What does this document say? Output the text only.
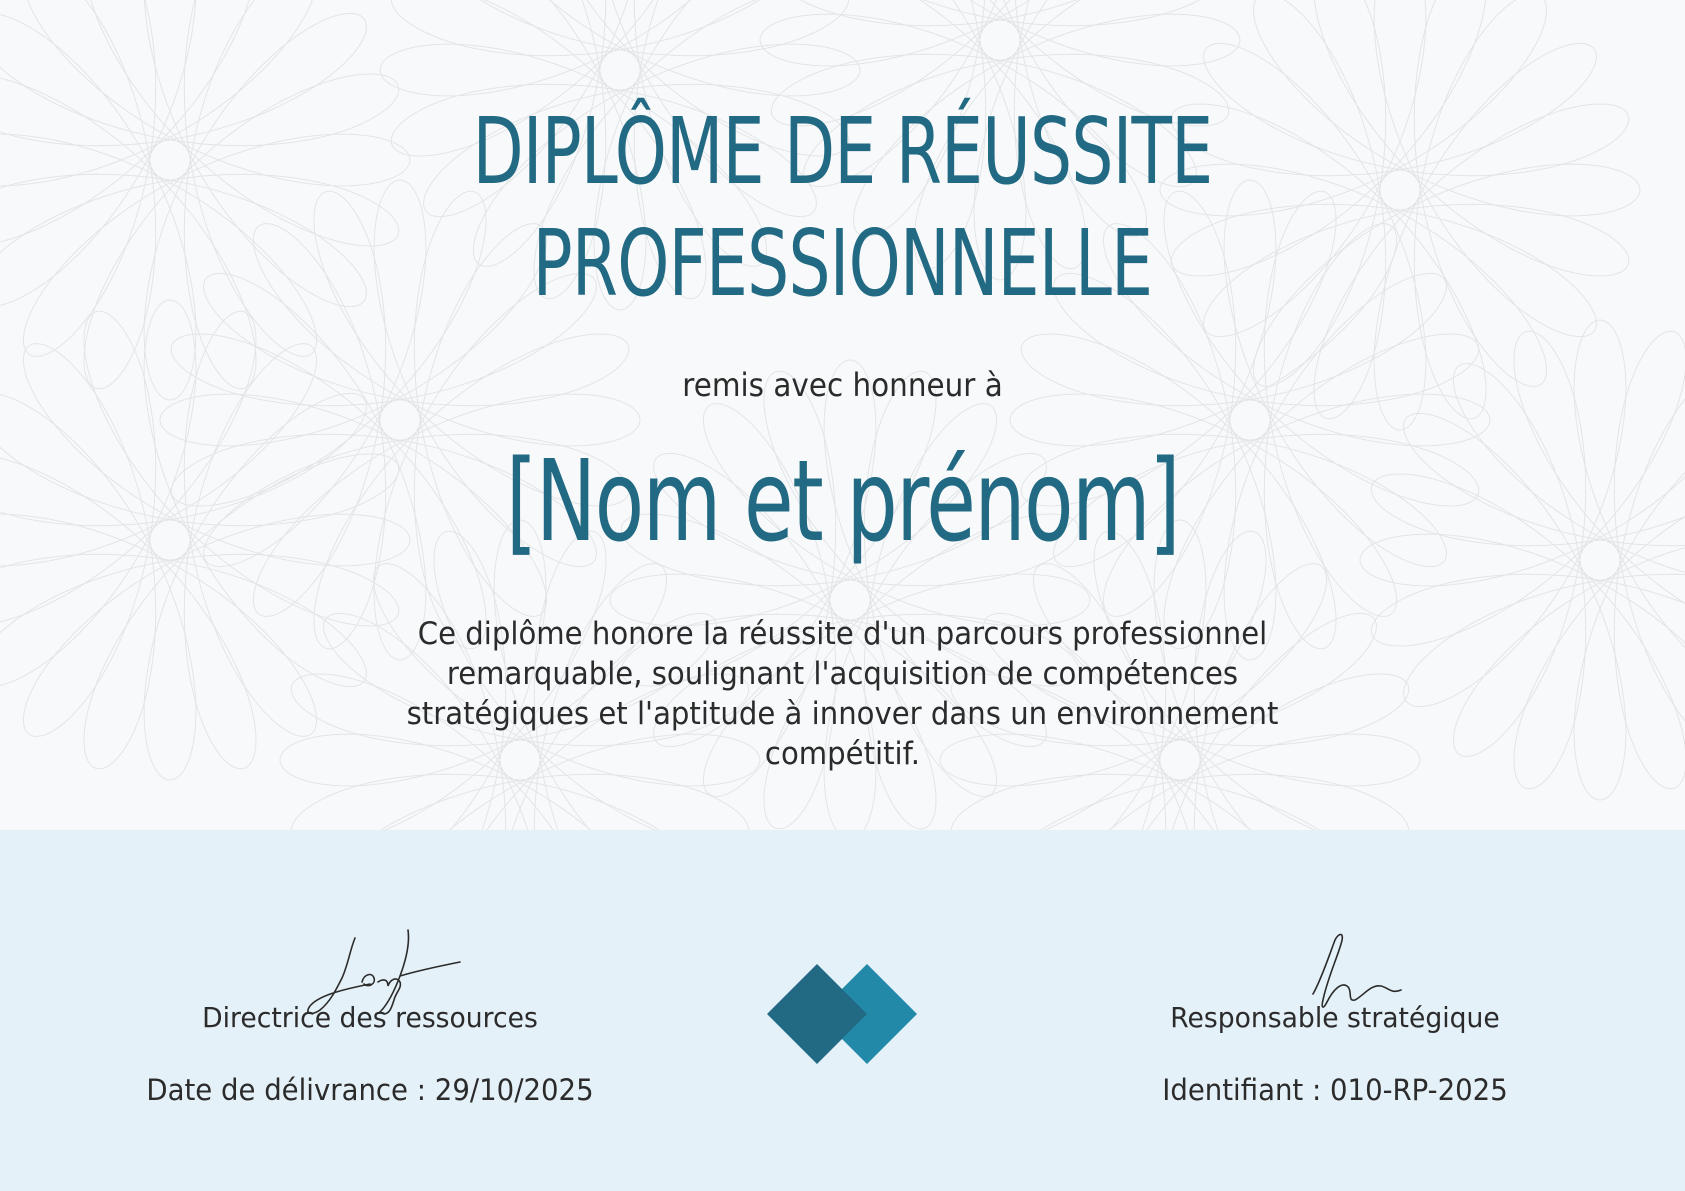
DIPLÔME DE RÉUSSITE
PROFESSIONNELLE
remis avec honneur à
[Nom et prénom]
Ce diplôme honore la réussite d'un parcours professionnel remarquable, soulignant l'acquisition de compétences stratégiques et l'aptitude à innover dans un environnement compétitif.
Directrice des ressources
Date de délivrance : 29/10/2025
Responsable stratégique
Identifiant : 010-RP-2025
